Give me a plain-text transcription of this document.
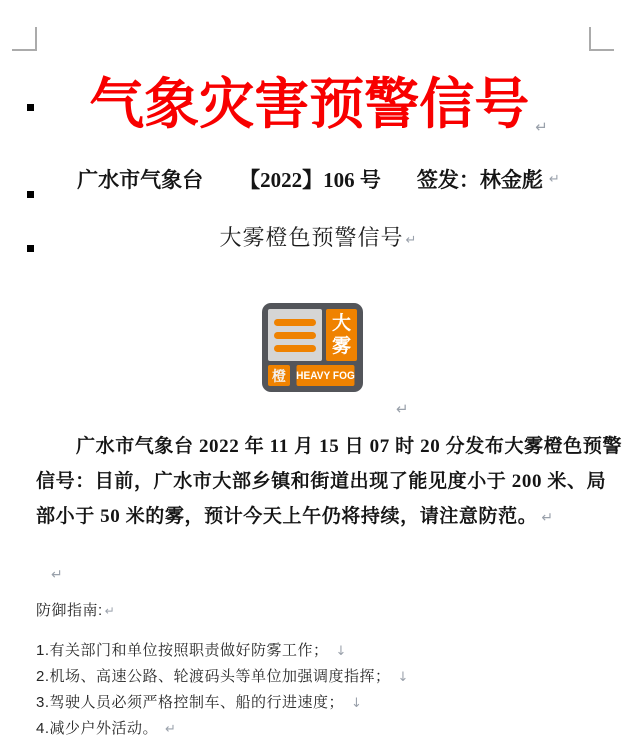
气象灾害预警信号 ↵
广水市气象台 【2022】106 号 签发：林金彪 ↵
大雾橙色预警信号 ↵
大雾
橙 HEAVY FOG
↵
广水市气象台 2022 年 11 月 15 日 07 时 20 分发布大雾橙色预警
信号：目前，广水市大部乡镇和街道出现了能见度小于 200 米、局
部小于 50 米的雾，预计今天上午仍将持续，请注意防范。 ↵
↵
防御指南: ↵
1.有关部门和单位按照职责做好防雾工作； ↓
2.机场、高速公路、轮渡码头等单位加强调度指挥； ↓
3.驾驶人员必须严格控制车、船的行进速度； ↓
4.减少户外活动。 ↵
